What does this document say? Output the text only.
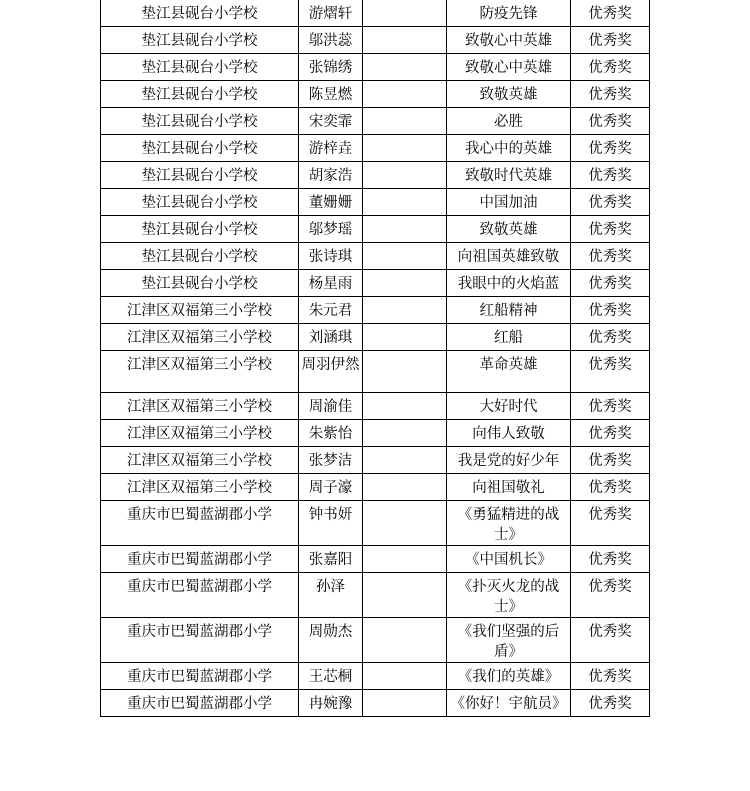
垫江县砚台小学校	游熠轩		防疫先锋	优秀奖
垫江县砚台小学校	邬洪蕊		致敬心中英雄	优秀奖
垫江县砚台小学校	张锦绣		致敬心中英雄	优秀奖
垫江县砚台小学校	陈昱燃		致敬英雄	优秀奖
垫江县砚台小学校	宋奕霏		必胜	优秀奖
垫江县砚台小学校	游梓垚		我心中的英雄	优秀奖
垫江县砚台小学校	胡家浩		致敬时代英雄	优秀奖
垫江县砚台小学校	董姗姗		中国加油	优秀奖
垫江县砚台小学校	邬梦瑶		致敬英雄	优秀奖
垫江县砚台小学校	张诗琪		向祖国英雄致敬	优秀奖
垫江县砚台小学校	杨星雨		我眼中的火焰蓝	优秀奖
江津区双福第三小学校	朱元君		红船精神	优秀奖
江津区双福第三小学校	刘涵琪		红船	优秀奖
江津区双福第三小学校	周羽伊然		革命英雄	优秀奖
江津区双福第三小学校	周渝佳		大好时代	优秀奖
江津区双福第三小学校	朱紫怡		向伟人致敬	优秀奖
江津区双福第三小学校	张梦洁		我是党的好少年	优秀奖
江津区双福第三小学校	周子濠		向祖国敬礼	优秀奖
重庆市巴蜀蓝湖郡小学	钟书妍		《勇猛精进的战士》	优秀奖
重庆市巴蜀蓝湖郡小学	张嘉阳		《中国机长》	优秀奖
重庆市巴蜀蓝湖郡小学	孙泽		《扑灭火龙的战士》	优秀奖
重庆市巴蜀蓝湖郡小学	周勋杰		《我们坚强的后盾》	优秀奖
重庆市巴蜀蓝湖郡小学	王芯桐		《我们的英雄》	优秀奖
重庆市巴蜀蓝湖郡小学	冉婉豫		《你好！宇航员》	优秀奖
